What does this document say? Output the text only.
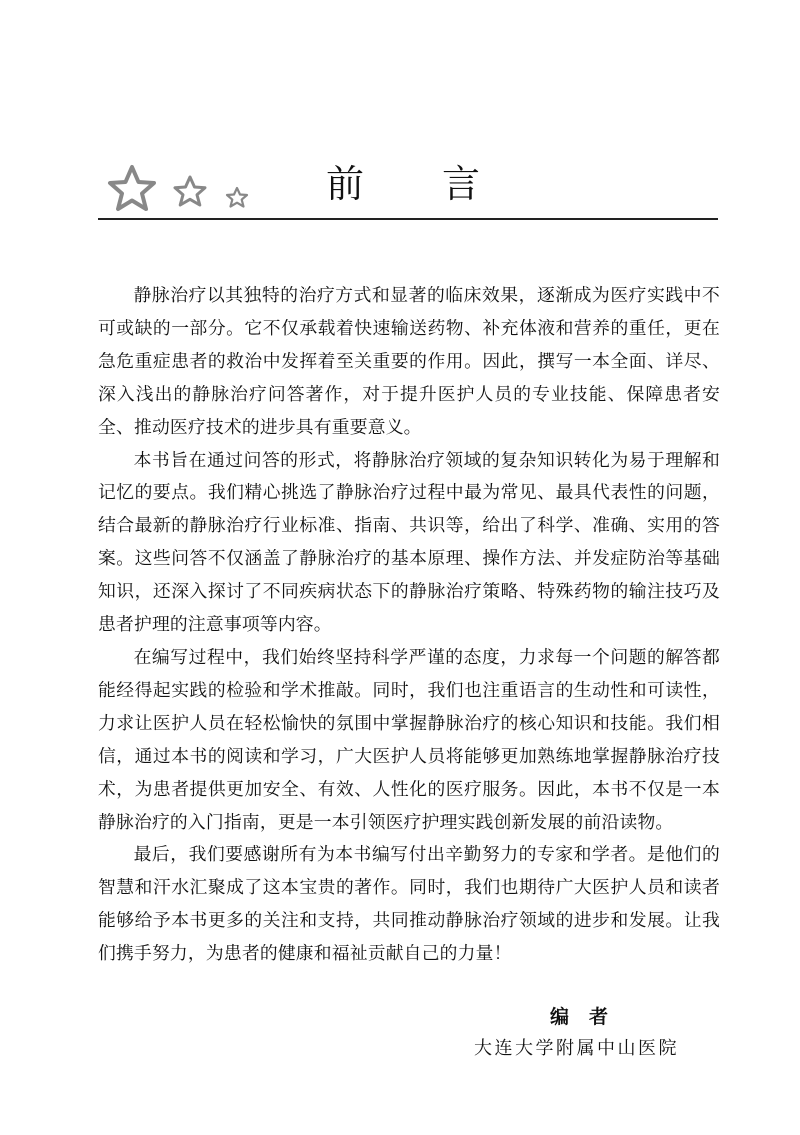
前言

静脉治疗以其独特的治疗方式和显著的临床效果，逐渐成为医疗实践中不可或缺的一部分。它不仅承载着快速输送药物、补充体液和营养的重任，更在急危重症患者的救治中发挥着至关重要的作用。因此，撰写一本全面、详尽、深入浅出的静脉治疗问答著作，对于提升医护人员的专业技能、保障患者安全、推动医疗技术的进步具有重要意义。

本书旨在通过问答的形式，将静脉治疗领域的复杂知识转化为易于理解和记忆的要点。我们精心挑选了静脉治疗过程中最为常见、最具代表性的问题，结合最新的静脉治疗行业标准、指南、共识等，给出了科学、准确、实用的答案。这些问答不仅涵盖了静脉治疗的基本原理、操作方法、并发症防治等基础知识，还深入探讨了不同疾病状态下的静脉治疗策略、特殊药物的输注技巧及患者护理的注意事项等内容。

在编写过程中，我们始终坚持科学严谨的态度，力求每一个问题的解答都能经得起实践的检验和学术推敲。同时，我们也注重语言的生动性和可读性，力求让医护人员在轻松愉快的氛围中掌握静脉治疗的核心知识和技能。我们相信，通过本书的阅读和学习，广大医护人员将能够更加熟练地掌握静脉治疗技术，为患者提供更加安全、有效、人性化的医疗服务。因此，本书不仅是一本静脉治疗的入门指南，更是一本引领医疗护理实践创新发展的前沿读物。

最后，我们要感谢所有为本书编写付出辛勤努力的专家和学者。是他们的智慧和汗水汇聚成了这本宝贵的著作。同时，我们也期待广大医护人员和读者能够给予本书更多的关注和支持，共同推动静脉治疗领域的进步和发展。让我们携手努力，为患者的健康和福祉贡献自己的力量！

编者
大连大学附属中山医院
